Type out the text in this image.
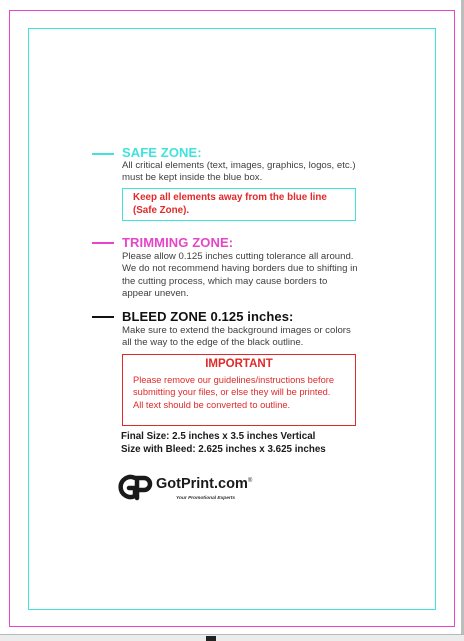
SAFE ZONE:
All critical elements (text, images, graphics, logos, etc.)
must be kept inside the blue box.
Keep all elements away from the blue line
(Safe Zone).
TRIMMING ZONE:
Please allow 0.125 inches cutting tolerance all around.
We do not recommend having borders due to shifting in
the cutting process, which may cause borders to
appear uneven.
BLEED ZONE 0.125 inches:
Make sure to extend the background images or colors
all the way to the edge of the black outline.
IMPORTANT
Please remove our guidelines/instructions before
submitting your files, or else they will be printed.
All text should be converted to outline.
Final Size: 2.5 inches x 3.5 inches Vertical
Size with Bleed: 2.625 inches x 3.625 inches
GotPrint.com®
Your Promotional Experts
